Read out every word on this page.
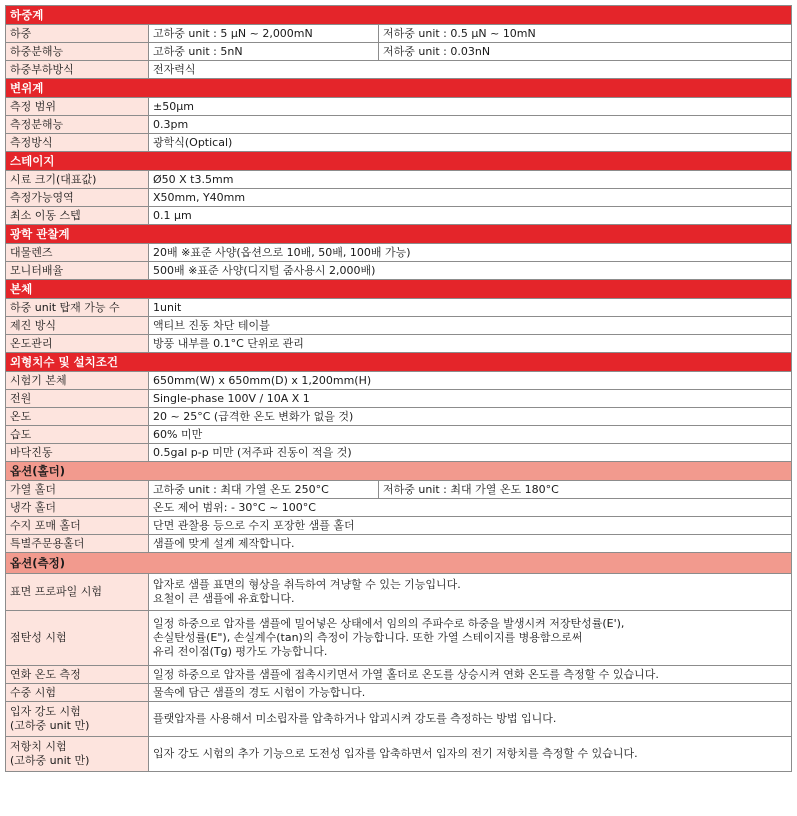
하중계		
하중	고하중 unit : 5 µN ~ 2,000mN	저하중 unit : 0.5 µN ~ 10mN
하중분해능	고하중 unit : 5nN	저하중 unit : 0.03nN
하중부하방식	전자력식	
변위계		
측정 범위	±50µm	
측정분해능	0.3pm	
측정방식	광학식(Optical)	
스테이지		
시료 크기(대표값)	Ø50 X t3.5mm	
측정가능영역	X50mm, Y40mm	
최소 이동 스텝	0.1 µm	
광학 관찰계		
대물렌즈	20배 ※표준 사양(옵션으로 10배, 50배, 100배 가능)	
모니터배율	500배 ※표준 사양(디지털 줌사용시 2,000배)	
본체		
하중 unit 탑재 가능 수	1unit	
제진 방식	액티브 진동 차단 테이블	
온도관리	방풍 내부를 0.1°C 단위로 관리	
외형치수 및 설치조건		
시험기 본체	650mm(W) x 650mm(D) x 1,200mm(H)	
전원	Single-phase 100V / 10A X 1	
온도	20 ~ 25°C (급격한 온도 변화가 없을 것)	
습도	60% 미만	
바닥진동	0.5gal p-p 미만 (저주파 진동이 적을 것)	
옵션(홀더)		
가열 홀더	고하중 unit : 최대 가열 온도 250°C	저하중 unit : 최대 가열 온도 180°C
냉각 홀더	온도 제어 범위: - 30°C ~ 100°C	
수지 포매 홀더	단면 관찰용 등으로 수지 포장한 샘플 홀더	
특별주문용홀더	샘플에 맞게 설계 제작합니다.	
옵션(측정)		
표면 프로파일 시험	압자로 샘플 표면의 형상을 취득하여 겨냥할 수 있는 기능입니다.
요철이 큰 샘플에 유효합니다.	

점탄성 시험	일정 하중으로 압자를 샘플에 밀어넣은 상태에서 임의의 주파수로 하중을 발생시켜 저장탄성률(E'),
손실탄성률(E"), 손실계수(tan)의 측정이 가능합니다. 또한 가열 스테이지를 병용함으로써
유리 전이점(Tg) 평가도 가능합니다.	

연화 온도 측정	일정 하중으로 압자를 샘플에 접촉시키면서 가열 홀더로 온도를 상승시켜 연화 온도를 측정할 수 있습니다.	
수중 시험	물속에 담근 샘플의 경도 시험이 가능합니다.	

입자 강도 시험
(고하중 unit 만)	플랫압자를 사용해서 미소립자를 압축하거나 압괴시켜 강도를 측정하는 방법 입니다.	

저항치 시험
(고하중 unit 만)	입자 강도 시험의 추가 기능으로 도전성 입자를 압축하면서 입자의 전기 저항치를 측정할 수 있습니다.	
